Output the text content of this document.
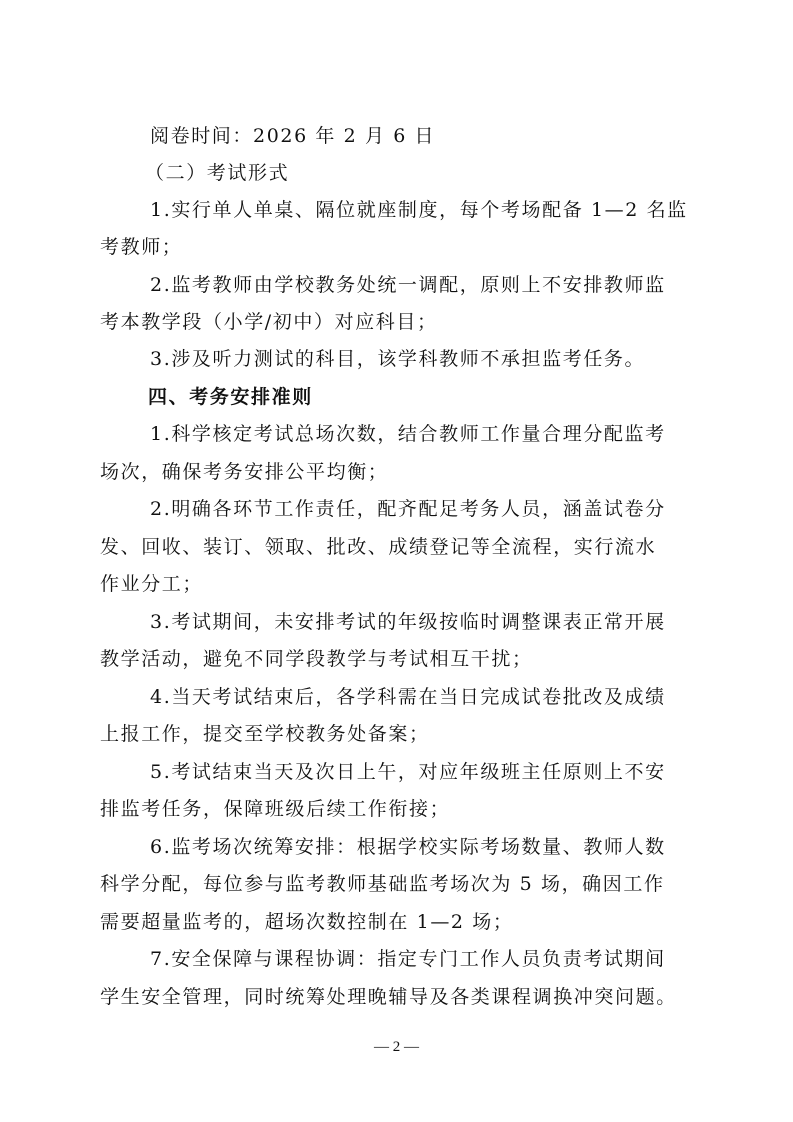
阅卷时间：2026 年 2 月 6 日
（二）考试形式
1.实行单人单桌、隔位就座制度，每个考场配备 1—2 名监
考教师；
2.监考教师由学校教务处统一调配，原则上不安排教师监
考本教学段（小学/初中）对应科目；
3.涉及听力测试的科目，该学科教师不承担监考任务。
四、考务安排准则
1.科学核定考试总场次数，结合教师工作量合理分配监考
场次，确保考务安排公平均衡；
2.明确各环节工作责任，配齐配足考务人员，涵盖试卷分
发、回收、装订、领取、批改、成绩登记等全流程，实行流水
作业分工；
3.考试期间，未安排考试的年级按临时调整课表正常开展
教学活动，避免不同学段教学与考试相互干扰；
4.当天考试结束后，各学科需在当日完成试卷批改及成绩
上报工作，提交至学校教务处备案；
5.考试结束当天及次日上午，对应年级班主任原则上不安
排监考任务，保障班级后续工作衔接；
6.监考场次统筹安排：根据学校实际考场数量、教师人数
科学分配，每位参与监考教师基础监考场次为 5 场，确因工作
需要超量监考的，超场次数控制在 1—2 场；
7.安全保障与课程协调：指定专门工作人员负责考试期间
学生安全管理，同时统筹处理晚辅导及各类课程调换冲突问题。
— 2 —
